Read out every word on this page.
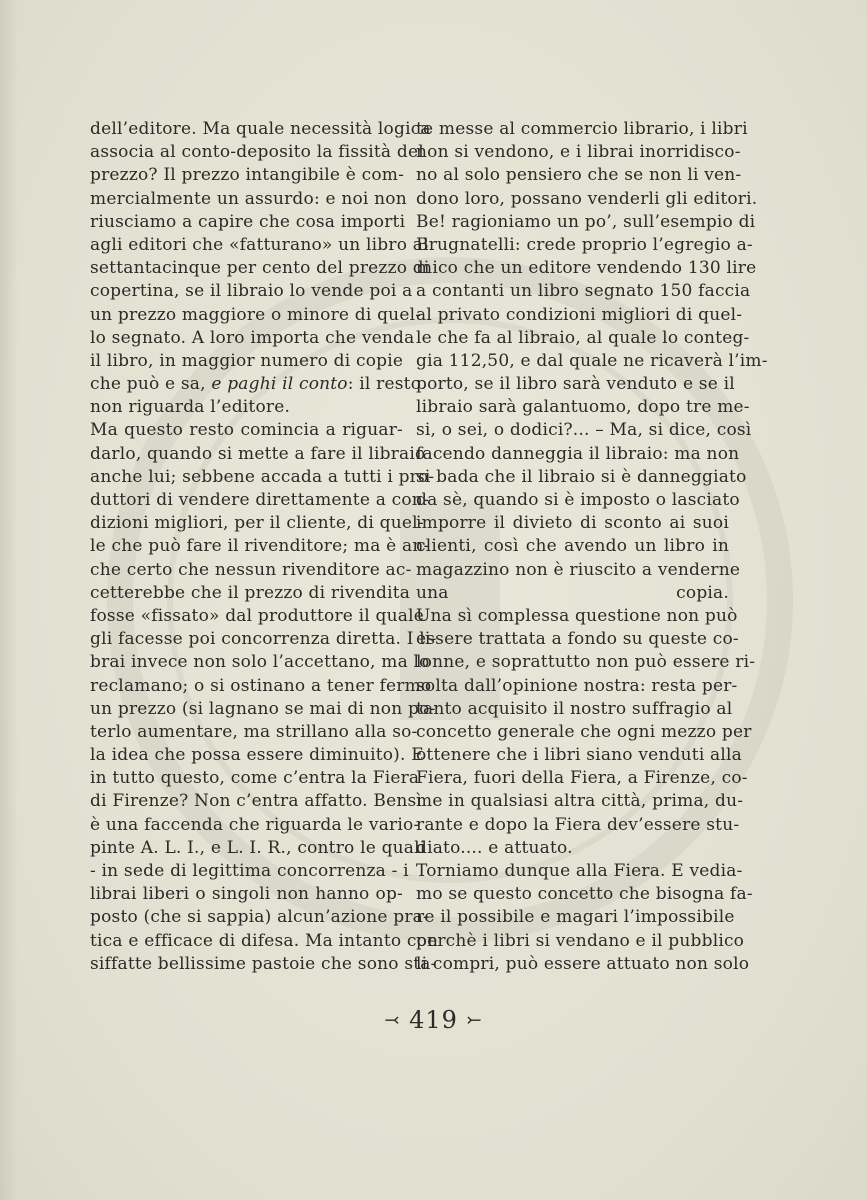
dell’editore. Ma quale necessità logica
associa al conto-deposito la fissità del
prezzo? Il prezzo intangibile è com-
mercialmente un assurdo: e noi non
riusciamo a capire che cosa importi
agli editori che «fatturano» un libro al
settantacinque per cento del prezzo di
copertina, se il libraio lo vende poi a
un prezzo maggiore o minore di quel-
lo segnato. A loro importa che venda
il libro, in maggior numero di copie
che può e sa, e paghi il conto: il resto
non riguarda l’editore.
Ma questo resto comincia a riguar-
darlo, quando si mette a fare il libraio
anche lui; sebbene accada a tutti i pro-
duttori di vendere direttamente a con-
dizioni migliori, per il cliente, di quel-
le che può fare il rivenditore; ma è an-
che certo che nessun rivenditore ac-
cetterebbe che il prezzo di rivendita
fosse «fissato» dal produttore il quale
gli facesse poi concorrenza diretta. I li-
brai invece non solo l’accettano, ma lo
reclamano; o si ostinano a tener fermo
un prezzo (si lagnano se mai di non po-
terlo aumentare, ma strillano alla so-
la idea che possa essere diminuito). E
in tutto questo, come c’entra la Fiera
di Firenze? Non c’entra affatto. Bensì
è una faccenda che riguarda le vario-
pinte A. L. I., e L. I. R., contro le quali
- in sede di legittima concorrenza - i
librai liberi o singoli non hanno op-
posto (che si sappia) alcun’azione pra-
tica e efficace di difesa. Ma intanto con
siffatte bellissime pastoie che sono sta-
te messe al commercio librario, i libri
non si vendono, e i librai inorridisco-
no al solo pensiero che se non li ven-
dono loro, possano venderli gli editori.
Be! ragioniamo un po’, sull’esempio di
Brugnatelli: crede proprio l’egregio a-
mico che un editore vendendo 130 lire
a contanti un libro segnato 150 faccia
al privato condizioni migliori di quel-
le che fa al libraio, al quale lo conteg-
gia 112,50, e dal quale ne ricaverà l’im-
porto, se il libro sarà venduto e se il
libraio sarà galantuomo, dopo tre me-
si, o sei, o dodici?... – Ma, si dice, così
facendo danneggia il libraio: ma non
si bada che il libraio si è danneggiato
da sè, quando si è imposto o lasciato
imporre il divieto di sconto ai suoi
clienti, così che avendo un libro in
magazzino non è riuscito a venderne
una copia.
Una sì complessa questione non può
essere trattata a fondo su queste co-
lonne, e soprattutto non può essere ri-
solta dall’opinione nostra: resta per-
tanto acquisito il nostro suffragio al
concetto generale che ogni mezzo per
ottenere che i libri siano venduti alla
Fiera, fuori della Fiera, a Firenze, co-
me in qualsiasi altra città, prima, du-
rante e dopo la Fiera dev’essere stu-
diato.... e attuato.
Torniamo dunque alla Fiera. E vedia-
mo se questo concetto che bisogna fa-
re il possibile e magari l’impossibile
perchè i libri si vendano e il pubblico
li compri, può essere attuato non solo
⤙ 419 ⤚
